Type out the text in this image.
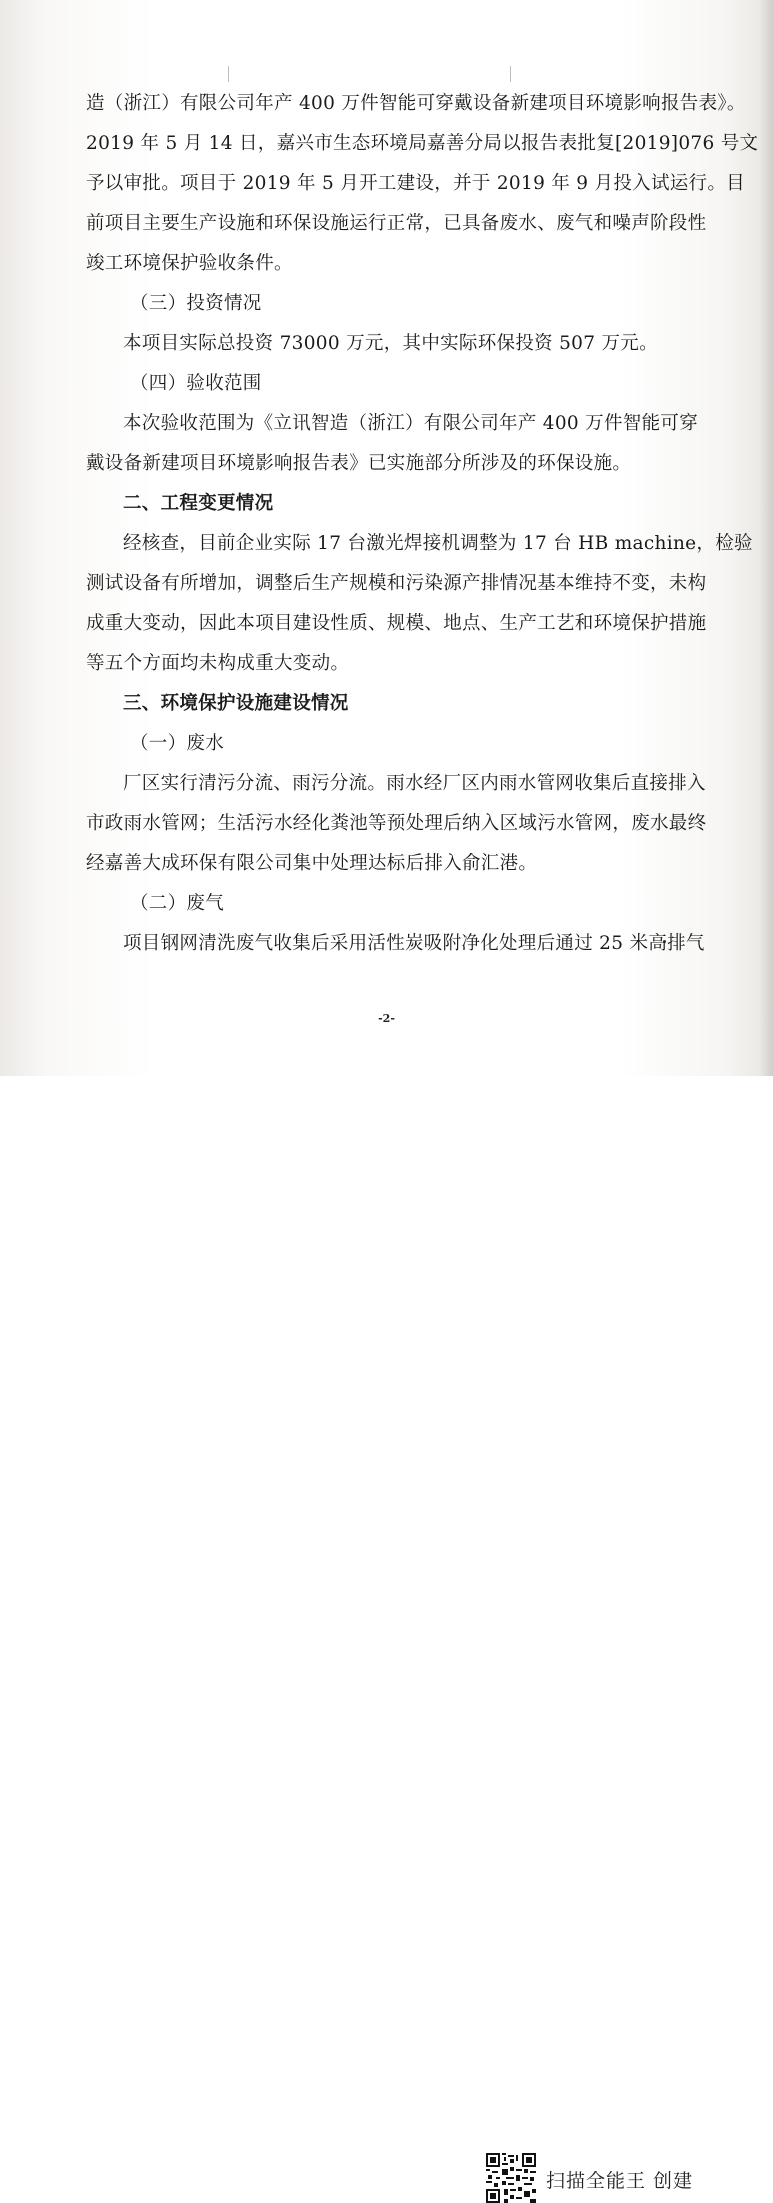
造（浙江）有限公司年产 400 万件智能可穿戴设备新建项目环境影响报告表》。

2019 年 5 月 14 日，嘉兴市生态环境局嘉善分局以报告表批复[2019]076 号文

予以审批。项目于 2019 年 5 月开工建设，并于 2019 年 9 月投入试运行。目

前项目主要生产设施和环保设施运行正常，已具备废水、废气和噪声阶段性

竣工环境保护验收条件。

（三）投资情况

本项目实际总投资 73000 万元，其中实际环保投资 507 万元。

（四）验收范围

本次验收范围为《立讯智造（浙江）有限公司年产 400 万件智能可穿

戴设备新建项目环境影响报告表》已实施部分所涉及的环保设施。

二、工程变更情况

经核查，目前企业实际 17 台激光焊接机调整为 17 台 HB machine，检验

测试设备有所增加，调整后生产规模和污染源产排情况基本维持不变，未构

成重大变动，因此本项目建设性质、规模、地点、生产工艺和环境保护措施

等五个方面均未构成重大变动。

三、环境保护设施建设情况

（一）废水

厂区实行清污分流、雨污分流。雨水经厂区内雨水管网收集后直接排入

市政雨水管网；生活污水经化粪池等预处理后纳入区域污水管网，废水最终

经嘉善大成环保有限公司集中处理达标后排入俞汇港。

（二）废气

项目钢网清洗废气收集后采用活性炭吸附净化处理后通过 25 米高排气

-2-
扫描全能王 创建
